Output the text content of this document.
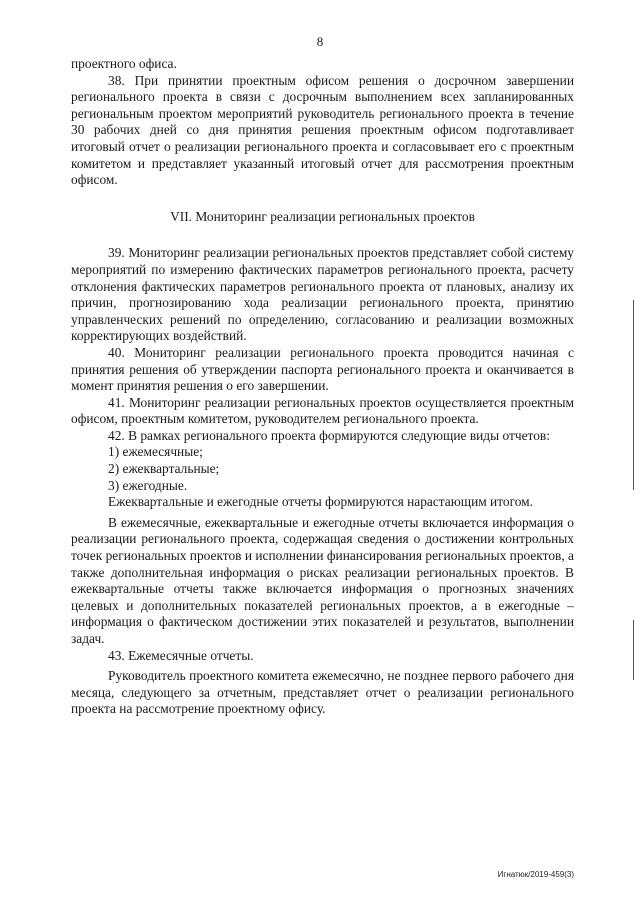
8

проектного офиса.

38. При принятии проектным офисом решения о досрочном завершении регионального проекта в связи с досрочным выполнением всех запланированных региональным проектом мероприятий руководитель регионального проекта в течение 30 рабочих дней со дня принятия решения проектным офисом подготавливает итоговый отчет о реализации регионального проекта и согласовывает его с проектным комитетом и представляет указанный итоговый отчет для рассмотрения проектным офисом.

VII. Мониторинг реализации региональных проектов

39. Мониторинг реализации региональных проектов представляет собой систему мероприятий по измерению фактических параметров регионального проекта, расчету отклонения фактических параметров регионального проекта от плановых, анализу их причин, прогнозированию хода реализации регионального проекта, принятию управленческих решений по определению, согласованию и реализации возможных корректирующих воздействий.

40. Мониторинг реализации регионального проекта проводится начиная с принятия решения об утверждении паспорта регионального проекта и оканчивается в момент принятия решения о его завершении.

41. Мониторинг реализации региональных проектов осуществляется проектным офисом, проектным комитетом, руководителем регионального проекта.

42. В рамках регионального проекта формируются следующие виды отчетов:

1) ежемесячные;

2) ежеквартальные;

3) ежегодные.

Ежеквартальные и ежегодные отчеты формируются нарастающим итогом.

В ежемесячные, ежеквартальные и ежегодные отчеты включается информация о реализации регионального проекта, содержащая сведения о достижении контрольных точек региональных проектов и исполнении финансирования региональных проектов, а также дополнительная информация о рисках реализации региональных проектов. В ежеквартальные отчеты также включается информация о прогнозных значениях целевых и дополнительных показателей региональных проектов, а в ежегодные – информация о фактическом достижении этих показателей и результатов, выполнении задач.

43. Ежемесячные отчеты.

Руководитель проектного комитета ежемесячно, не позднее первого рабочего дня месяца, следующего за отчетным, представляет отчет о реализации регионального проекта на рассмотрение проектному офису.

Игнатюк/2019-459(3)
